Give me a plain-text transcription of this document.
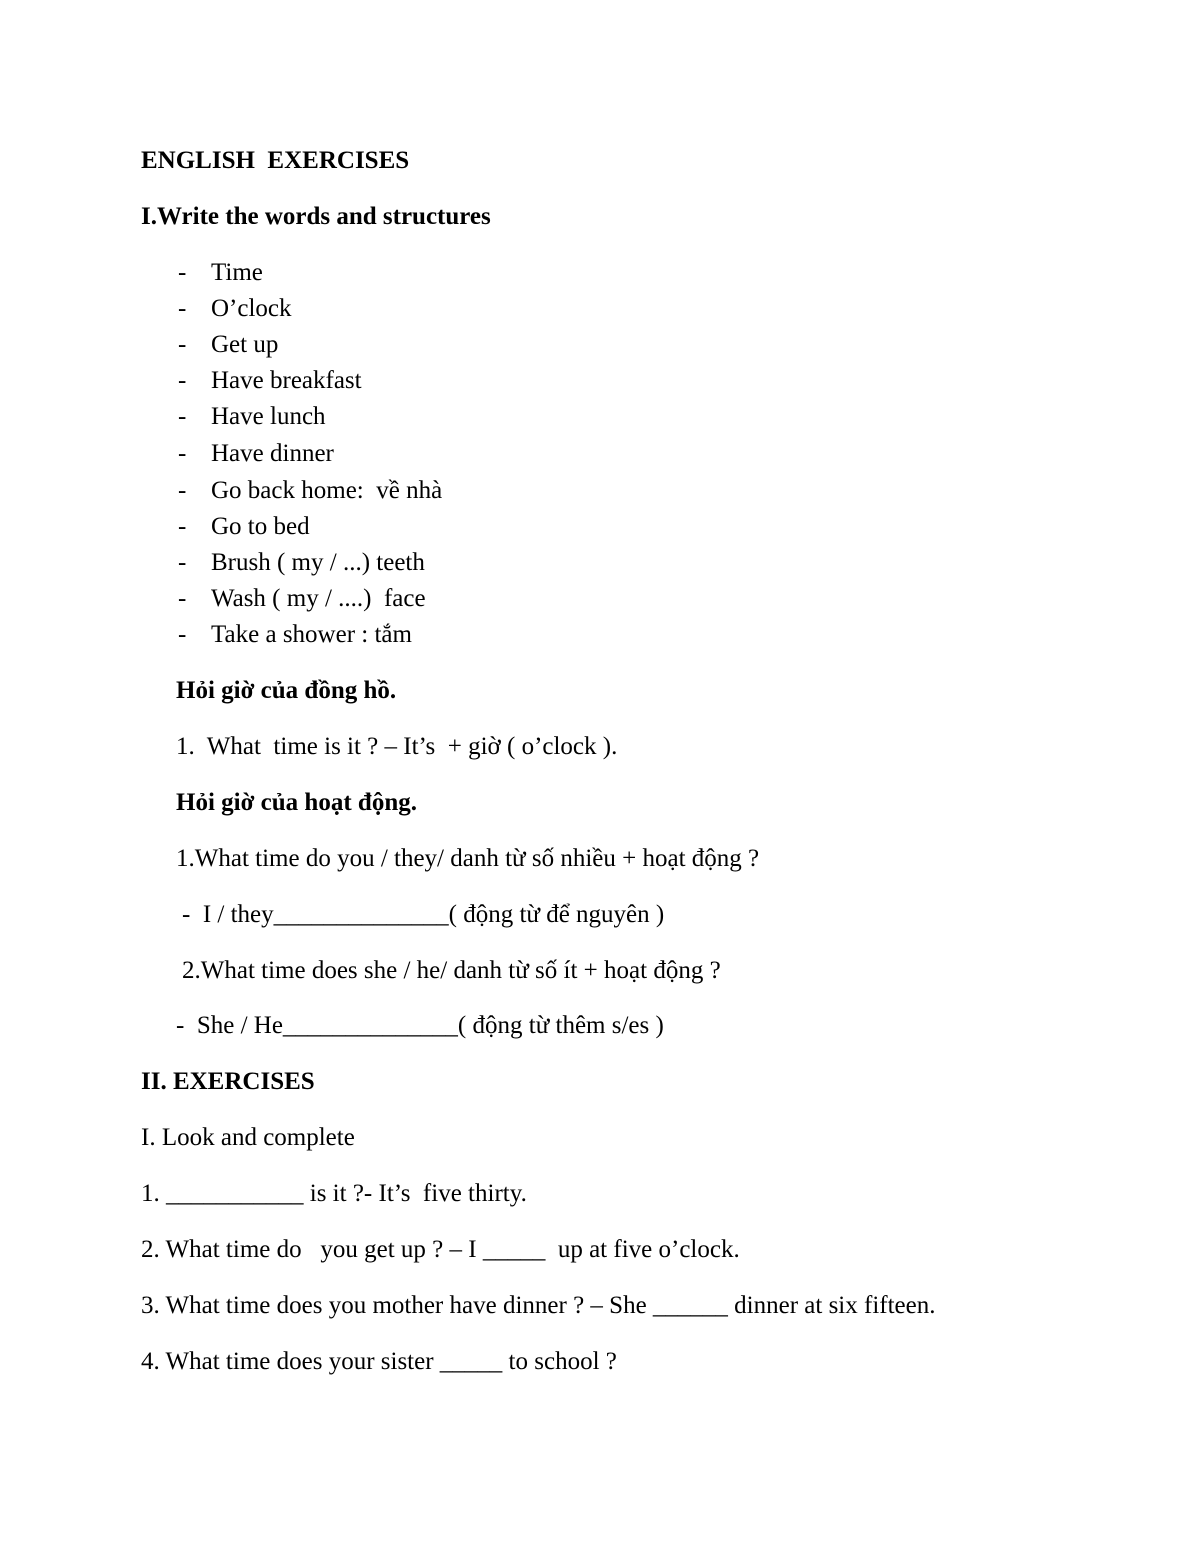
ENGLISH  EXERCISES
I.Write the words and structures
- Time
- O’clock
- Get up
- Have breakfast
- Have lunch
- Have dinner
- Go back home:  về nhà
- Go to bed
- Brush ( my / ...) teeth
- Wash ( my / ....)  face
- Take a shower : tắm
Hỏi giờ của đồng hồ.
1.  What  time is it ? – It’s  + giờ ( o’clock ).
Hỏi giờ của hoạt động.
1.What time do you / they/ danh từ số nhiều + hoạt động ?
-  I / they______________( động từ để nguyên )
2.What time does she / he/ danh từ số ít + hoạt động ?
-  She / He______________( động từ thêm s/es )
II. EXERCISES
I. Look and complete
1. ___________ is it ?- It’s  five thirty.
2. What time do   you get up ? – I _____  up at five o’clock.
3. What time does you mother have dinner ? – She ______ dinner at six fifteen.
4. What time does your sister _____ to school ?
